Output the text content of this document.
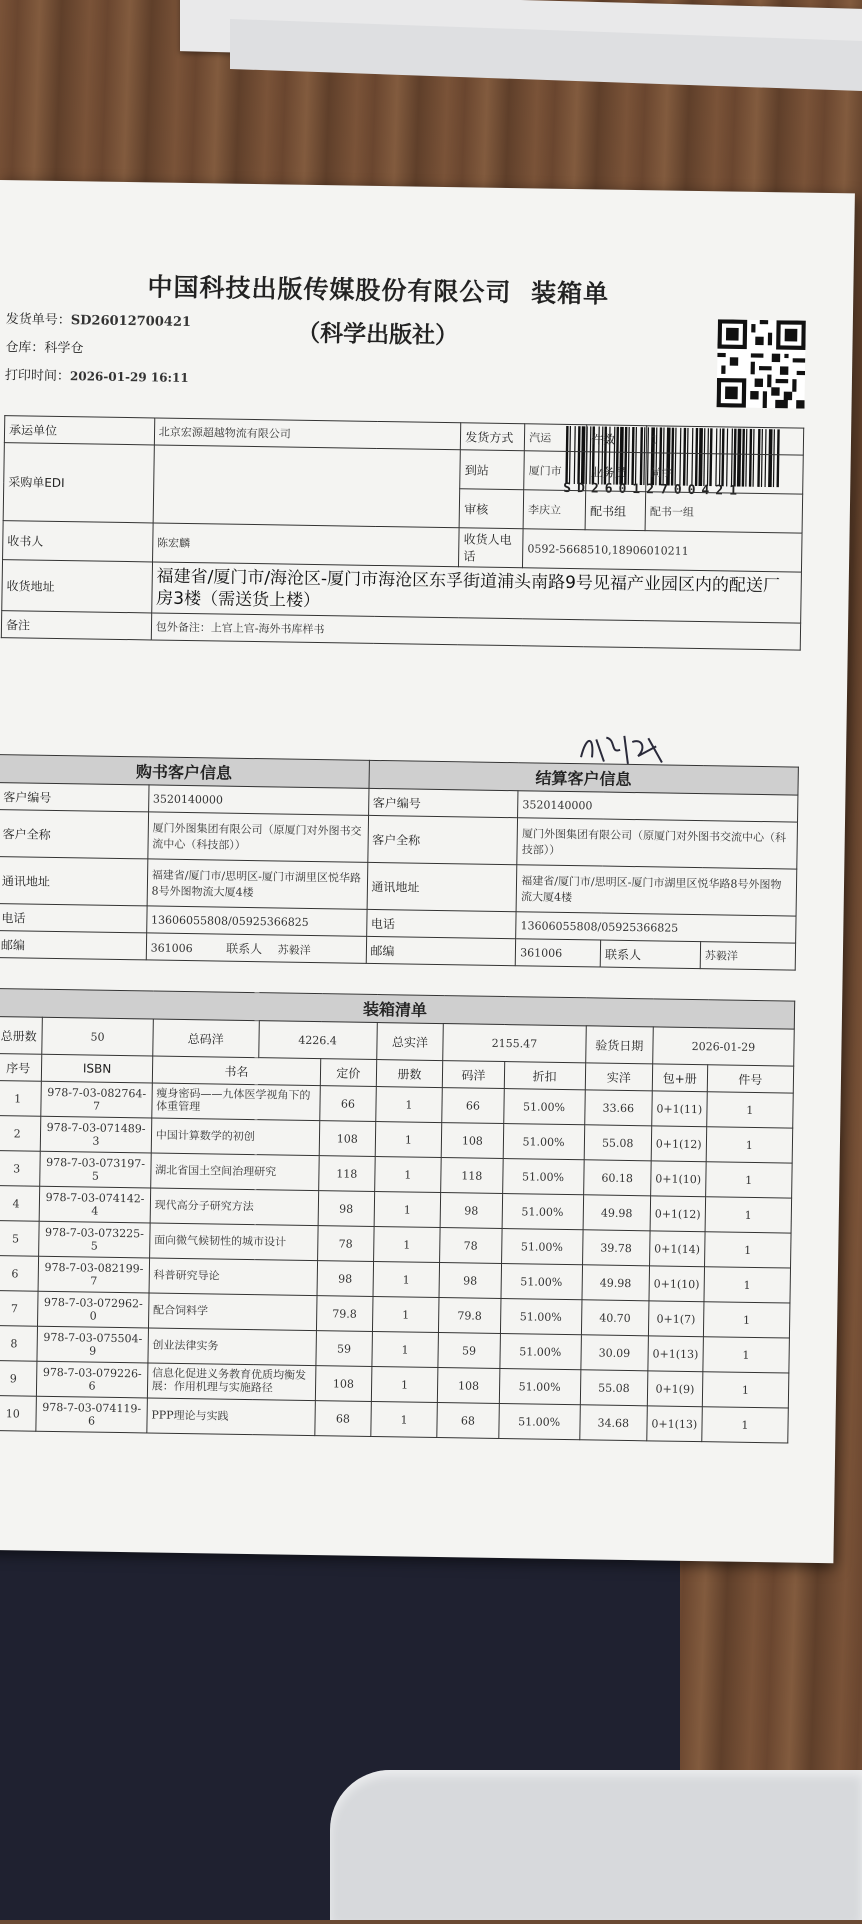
中国科技出版传媒股份有限公司 装箱单
（科学出版社）
发货单号：SD26012700421
仓库：科学仓
打印时间：2026-01-29 16:11
SD26012700421
承运单位	北京宏源超越物流有限公司	发货方式	汽运	件数	1
采购单EDI		到站	厦门市	业务员	尚宇
		审核	李庆立	配书组	配书一组
收书人	陈宏麟	收货人电话	0592-5668510,18906010211		
收货地址	福建省/厦门市/海沧区-厦门市海沧区东孚街道浦头南路9号见福产业园区内的配送厂房3楼（需送货上楼）				
备注	包外备注：上官上官-海外书库样书				
购书客户信息		结算客户信息			
客户编号	3520140000	客户编号	3520140000		
客户全称	厦门外图集团有限公司（原厦门对外图书交流中心（科技部））	客户全称	厦门外图集团有限公司（原厦门对外图书交流中心（科技部））		
通讯地址	福建省/厦门市/思明区-厦门市湖里区悦华路8号外图物流大厦4楼	通讯地址	福建省/厦门市/思明区-厦门市湖里区悦华路8号外图物流大厦4楼		
电话	13606055808/05925366825	电话	13606055808/05925366825		
邮编	361006 联系人 苏毅洋	邮编	361006	联系人	苏毅洋
装箱清单										
总册数	50	总码洋	4226.4		总实洋	2155.47		验货日期	2026-01-29	
序号	ISBN	书名		定价	册数	码洋	折扣	实洋	包+册	件号
1	978-7-03-082764-7	瘦身密码——九体医学视角下的体重管理		66	1	66	51.00%	33.66	0+1(11)	1
2	978-7-03-071489-3	中国计算数学的初创		108	1	108	51.00%	55.08	0+1(12)	1
3	978-7-03-073197-5	湖北省国土空间治理研究		118	1	118	51.00%	60.18	0+1(10)	1
4	978-7-03-074142-4	现代高分子研究方法		98	1	98	51.00%	49.98	0+1(12)	1
5	978-7-03-073225-5	面向微气候韧性的城市设计		78	1	78	51.00%	39.78	0+1(14)	1
6	978-7-03-082199-7	科普研究导论		98	1	98	51.00%	49.98	0+1(10)	1
7	978-7-03-072962-0	配合饲料学		79.8	1	79.8	51.00%	40.70	0+1(7)	1
8	978-7-03-075504-9	创业法律实务		59	1	59	51.00%	30.09	0+1(13)	1
9	978-7-03-079226-6	信息化促进义务教育优质均衡发展：作用机理与实施路径		108	1	108	51.00%	55.08	0+1(9)	1
10	978-7-03-074119-6	PPP理论与实践		68	1	68	51.00%	34.68	0+1(13)	1
